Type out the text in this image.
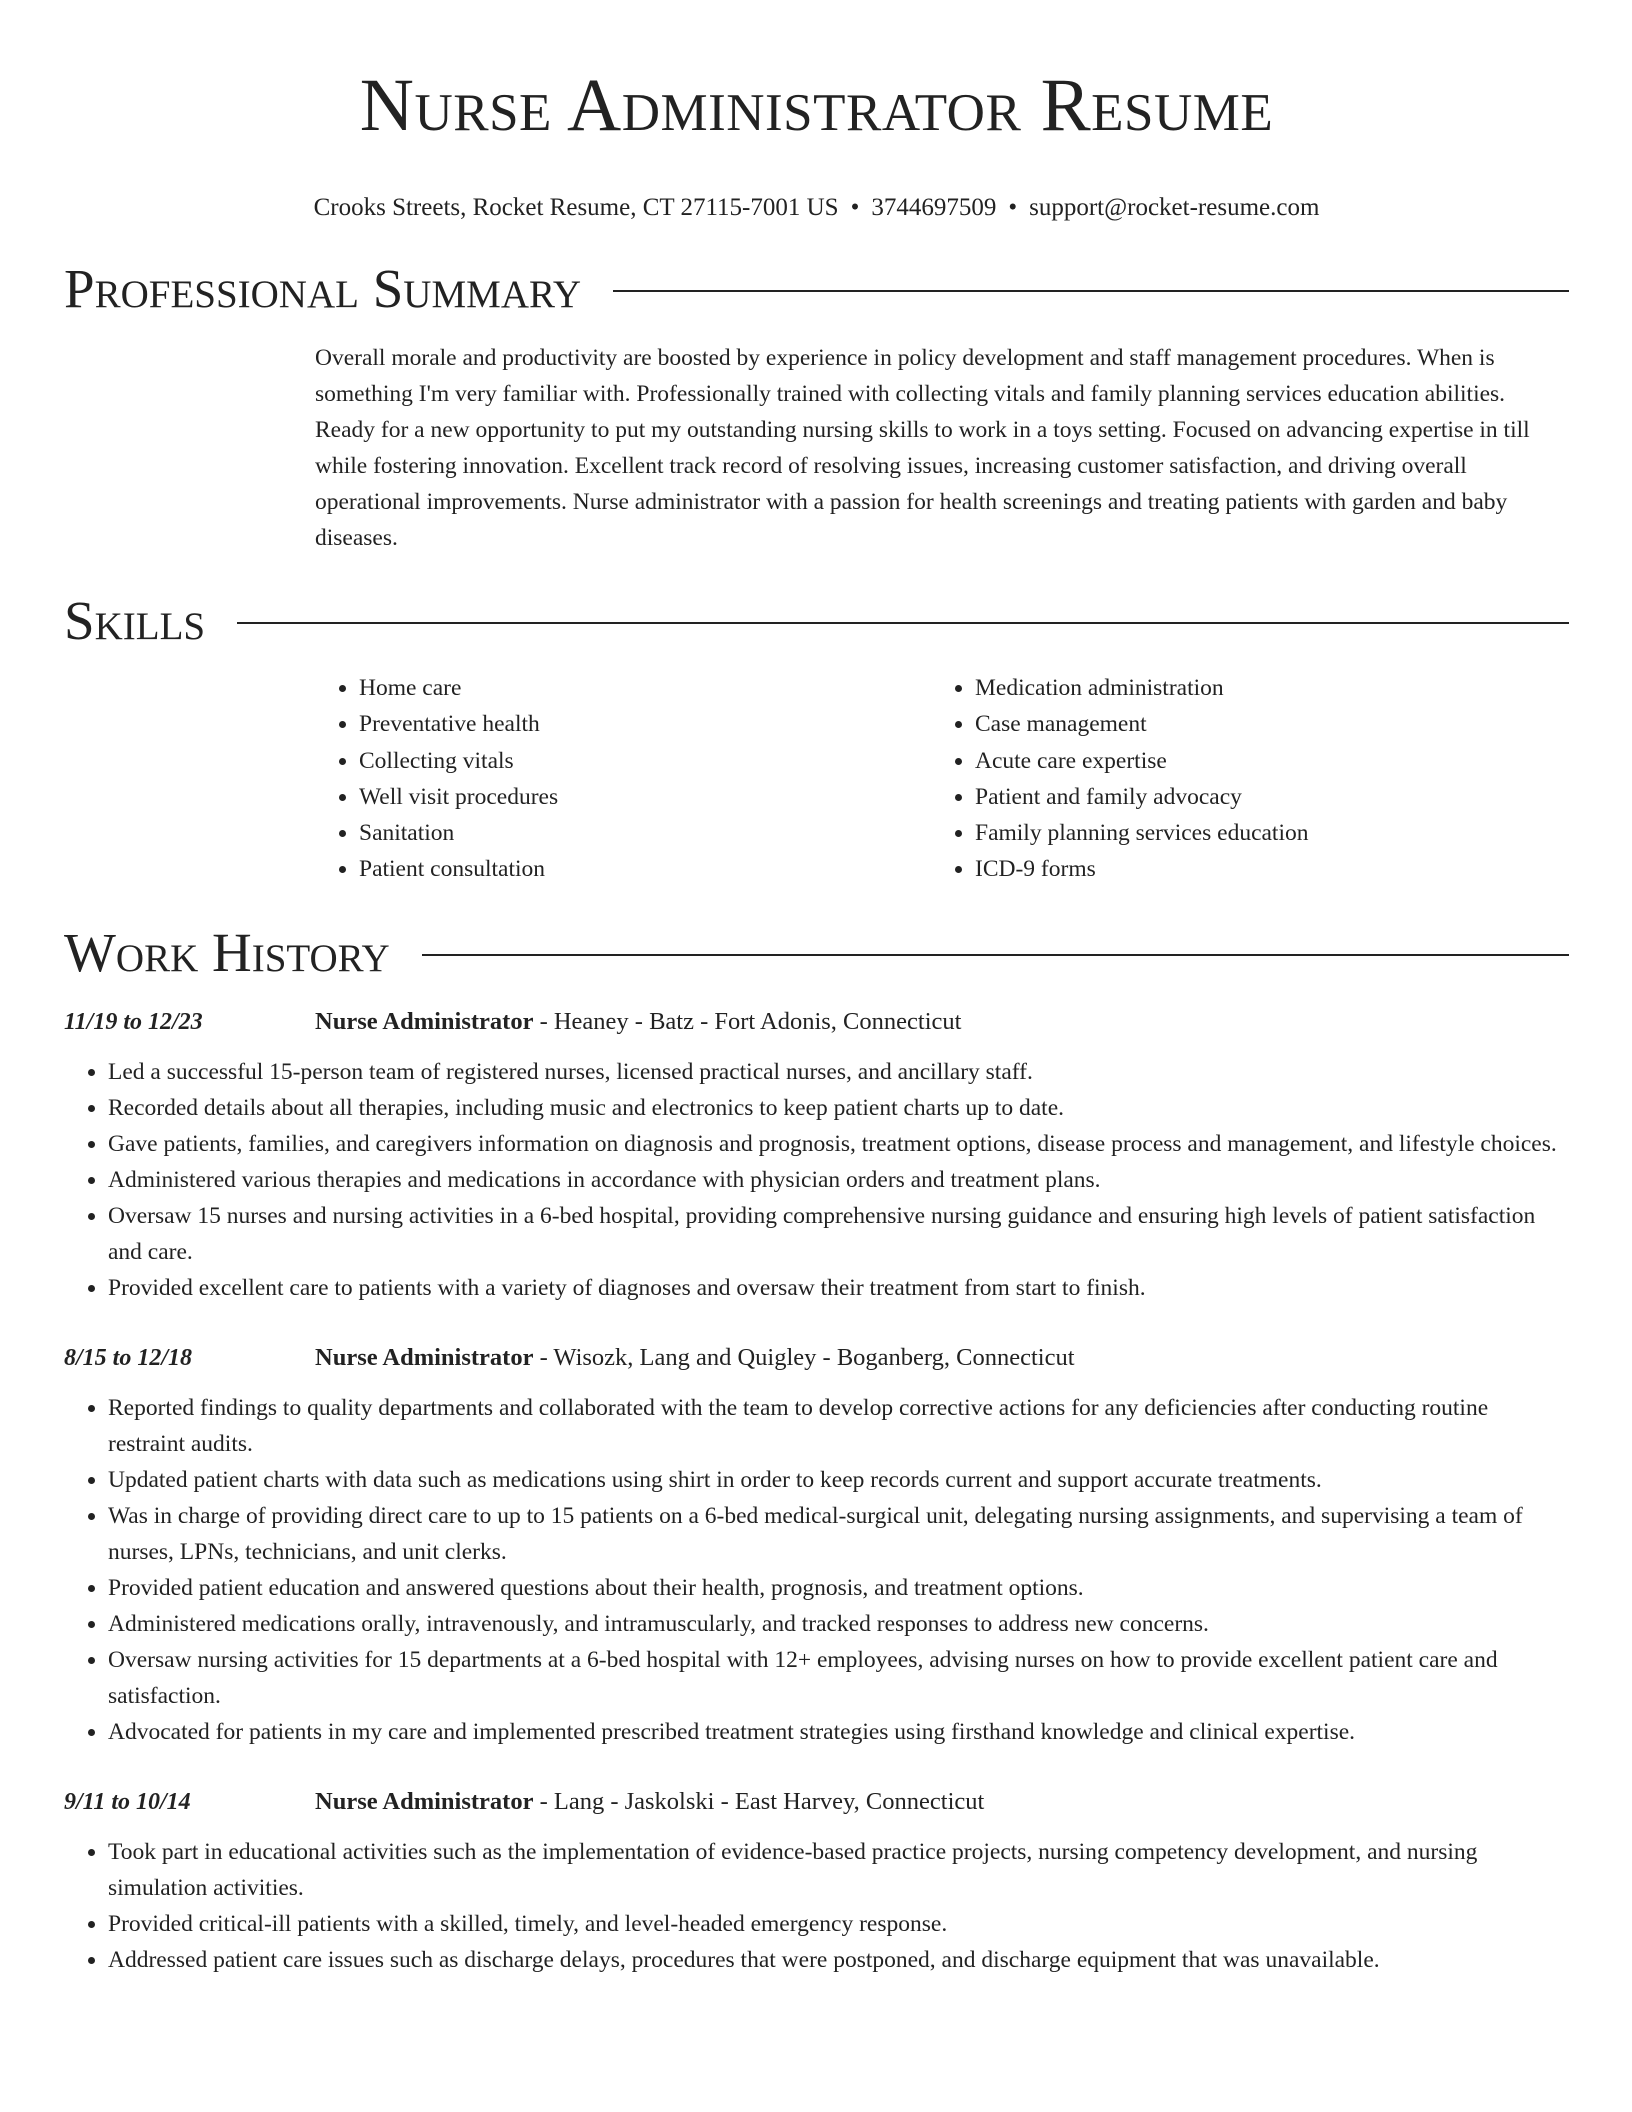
Nurse Administrator Resume
Crooks Streets, Rocket Resume, CT 27115-7001 US • 3744697509 • support@rocket-resume.com
Professional Summary
Overall morale and productivity are boosted by experience in policy development and staff management procedures. When is something I'm very familiar with. Professionally trained with collecting vitals and family planning services education abilities. Ready for a new opportunity to put my outstanding nursing skills to work in a toys setting. Focused on advancing expertise in till while fostering innovation. Excellent track record of resolving issues, increasing customer satisfaction, and driving overall operational improvements. Nurse administrator with a passion for health screenings and treating patients with garden and baby diseases.
Skills
• Home care
• Preventative health
• Collecting vitals
• Well visit procedures
• Sanitation
• Patient consultation
• Medication administration
• Case management
• Acute care expertise
• Patient and family advocacy
• Family planning services education
• ICD-9 forms
Work History
11/19 to 12/23	Nurse Administrator - Heaney - Batz - Fort Adonis, Connecticut
• Led a successful 15-person team of registered nurses, licensed practical nurses, and ancillary staff.
• Recorded details about all therapies, including music and electronics to keep patient charts up to date.
• Gave patients, families, and caregivers information on diagnosis and prognosis, treatment options, disease process and management, and lifestyle choices.
• Administered various therapies and medications in accordance with physician orders and treatment plans.
• Oversaw 15 nurses and nursing activities in a 6-bed hospital, providing comprehensive nursing guidance and ensuring high levels of patient satisfaction and care.
• Provided excellent care to patients with a variety of diagnoses and oversaw their treatment from start to finish.
8/15 to 12/18	Nurse Administrator - Wisozk, Lang and Quigley - Boganberg, Connecticut
• Reported findings to quality departments and collaborated with the team to develop corrective actions for any deficiencies after conducting routine restraint audits.
• Updated patient charts with data such as medications using shirt in order to keep records current and support accurate treatments.
• Was in charge of providing direct care to up to 15 patients on a 6-bed medical-surgical unit, delegating nursing assignments, and supervising a team of nurses, LPNs, technicians, and unit clerks.
• Provided patient education and answered questions about their health, prognosis, and treatment options.
• Administered medications orally, intravenously, and intramuscularly, and tracked responses to address new concerns.
• Oversaw nursing activities for 15 departments at a 6-bed hospital with 12+ employees, advising nurses on how to provide excellent patient care and satisfaction.
• Advocated for patients in my care and implemented prescribed treatment strategies using firsthand knowledge and clinical expertise.
9/11 to 10/14	Nurse Administrator - Lang - Jaskolski - East Harvey, Connecticut
• Took part in educational activities such as the implementation of evidence-based practice projects, nursing competency development, and nursing simulation activities.
• Provided critical-ill patients with a skilled, timely, and level-headed emergency response.
• Addressed patient care issues such as discharge delays, procedures that were postponed, and discharge equipment that was unavailable.
